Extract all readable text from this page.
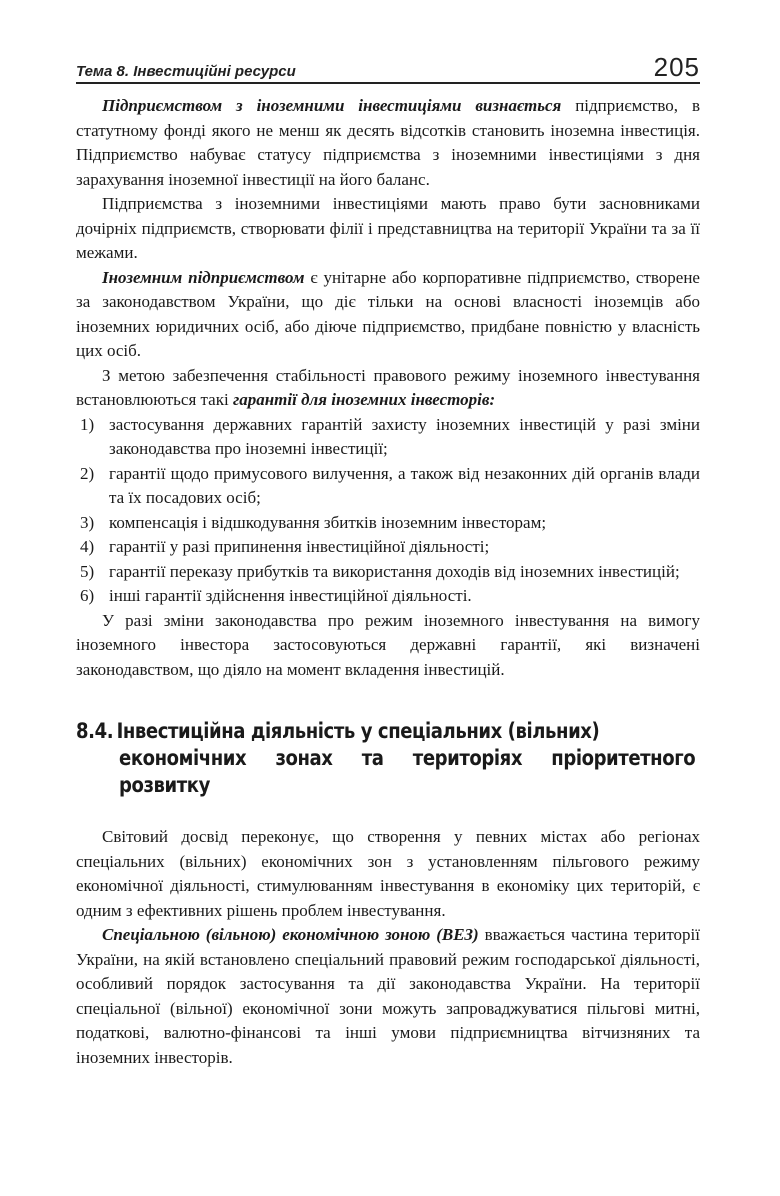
Тема 8. Інвестиційні ресурси	205

Підприємством з іноземними інвестиціями визнається підприємство, в статутному фонді якого не менш як десять відсотків становить іноземна інвестиція. Підприємство набуває статусу підприємства з іноземними інвестиціями з дня зарахування іноземної інвестиції на його баланс.

Підприємства з іноземними інвестиціями мають право бути засновниками дочірніх підприємств, створювати філії і представництва на території України та за її межами.

Іноземним підприємством є унітарне або корпоративне підприємство, створене за законодавством України, що діє тільки на основі власності іноземців або іноземних юридичних осіб, або діюче підприємство, придбане повністю у власність цих осіб.

З метою забезпечення стабільності правового режиму іноземного інвестування встановлюються такі гарантії для іноземних інвесторів:

1) застосування державних гарантій захисту іноземних інвестицій у разі зміни законодавства про іноземні інвестиції;
2) гарантії щодо примусового вилучення, а також від незаконних дій органів влади та їх посадових осіб;
3) компенсація і відшкодування збитків іноземним інвесторам;
4) гарантії у разі припинення інвестиційної діяльності;
5) гарантії переказу прибутків та використання доходів від іноземних інвестицій;
6) інші гарантії здійснення інвестиційної діяльності.

У разі зміни законодавства про режим іноземного інвестування на вимогу іноземного інвестора застосовуються державні гарантії, які визначені законодавством, що діяло на момент вкладення інвестицій.

8.4. Інвестиційна діяльність у спеціальних (вільних)
економічних зонах та територіях пріоритетного розвитку

Світовий досвід переконує, що створення у певних містах або регіонах спеціальних (вільних) економічних зон з установленням пільгового режиму економічної діяльності, стимулюванням інвестування в економіку цих територій, є одним з ефективних рішень проблем інвестування.

Спеціальною (вільною) економічною зоною (ВЕЗ) вважається частина території України, на якій встановлено спеціальний правовий режим господарської діяльності, особливий порядок застосування та дії законодавства України. На території спеціальної (вільної) економічної зони можуть запроваджуватися пільгові митні, податкові, валютно-фінансові та інші умови підприємництва вітчизняних та іноземних інвесторів.
